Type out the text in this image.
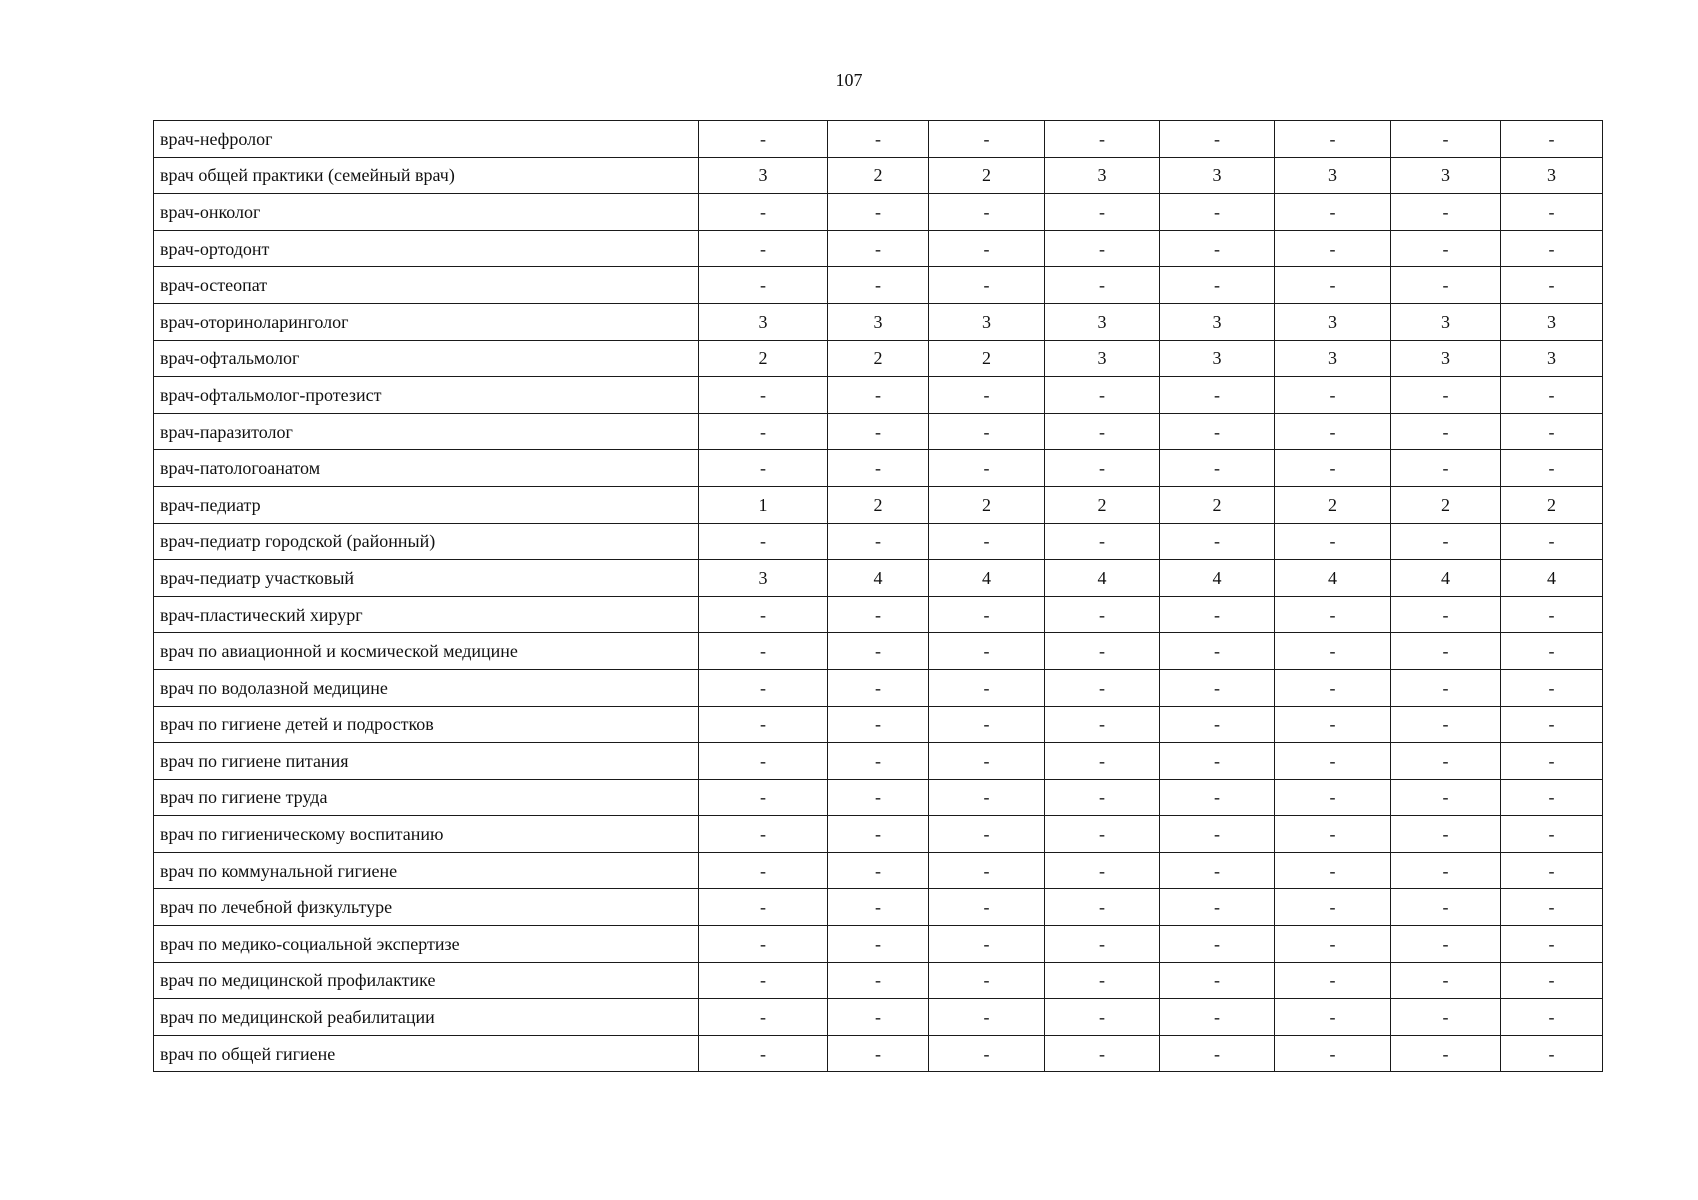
107
врач-нефролог	-	-	-	-	-	-	-	-
врач общей практики (семейный врач)	3	2	2	3	3	3	3	3
врач-онколог	-	-	-	-	-	-	-	-
врач-ортодонт	-	-	-	-	-	-	-	-
врач-остеопат	-	-	-	-	-	-	-	-
врач-оториноларинголог	3	3	3	3	3	3	3	3
врач-офтальмолог	2	2	2	3	3	3	3	3
врач-офтальмолог-протезист	-	-	-	-	-	-	-	-
врач-паразитолог	-	-	-	-	-	-	-	-
врач-патологоанатом	-	-	-	-	-	-	-	-
врач-педиатр	1	2	2	2	2	2	2	2
врач-педиатр городской (районный)	-	-	-	-	-	-	-	-
врач-педиатр участковый	3	4	4	4	4	4	4	4
врач-пластический хирург	-	-	-	-	-	-	-	-
врач по авиационной и космической медицине	-	-	-	-	-	-	-	-
врач по водолазной медицине	-	-	-	-	-	-	-	-
врач по гигиене детей и подростков	-	-	-	-	-	-	-	-
врач по гигиене питания	-	-	-	-	-	-	-	-
врач по гигиене труда	-	-	-	-	-	-	-	-
врач по гигиеническому воспитанию	-	-	-	-	-	-	-	-
врач по коммунальной гигиене	-	-	-	-	-	-	-	-
врач по лечебной физкультуре	-	-	-	-	-	-	-	-
врач по медико-социальной экспертизе	-	-	-	-	-	-	-	-
врач по медицинской профилактике	-	-	-	-	-	-	-	-
врач по медицинской реабилитации	-	-	-	-	-	-	-	-
врач по общей гигиене	-	-	-	-	-	-	-	-
